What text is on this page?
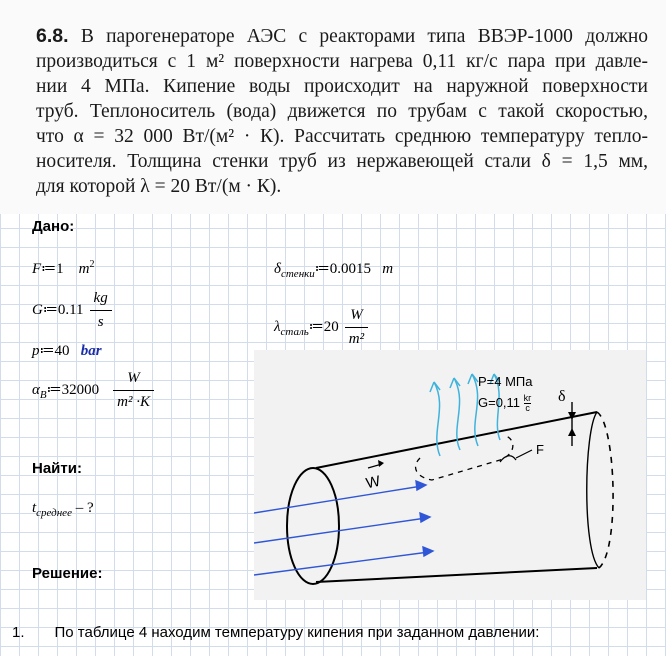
6.8. В парогенераторе АЭС с реакторами типа ВВЭР-1000 должно
производиться с 1 м² поверхности нагрева 0,11 кг/с пара при давле-
нии 4 МПа. Кипение воды происходит на наружной поверхности
труб. Теплоноситель (вода) движется по трубам с такой скоростью,
что α = 32 000 Вт/(м² · К). Рассчитать среднюю температуру тепло-
носителя. Толщина стенки труб из нержавеющей стали δ = 1,5 мм,
для которой λ = 20 Вт/(м · К).
Дано:
F≔1 $m^2$
G≔0.11 $\frac{kg}{s}$
p≔40 bar
$\alpha_B≔32000 \frac{W}{\text{m² ·K}}$
$\delta_{стенки}≔0.0015$ m
$\lambda_{сталь}≔20 \frac{W}{\text{m²}}$
Найти:
$t_{среднее}$ – ?
Решение:
P=4 MПa
G=0,11 kг
c
F
W
δ
1. По таблице 4 находим температуру кипения при заданном давлении:
